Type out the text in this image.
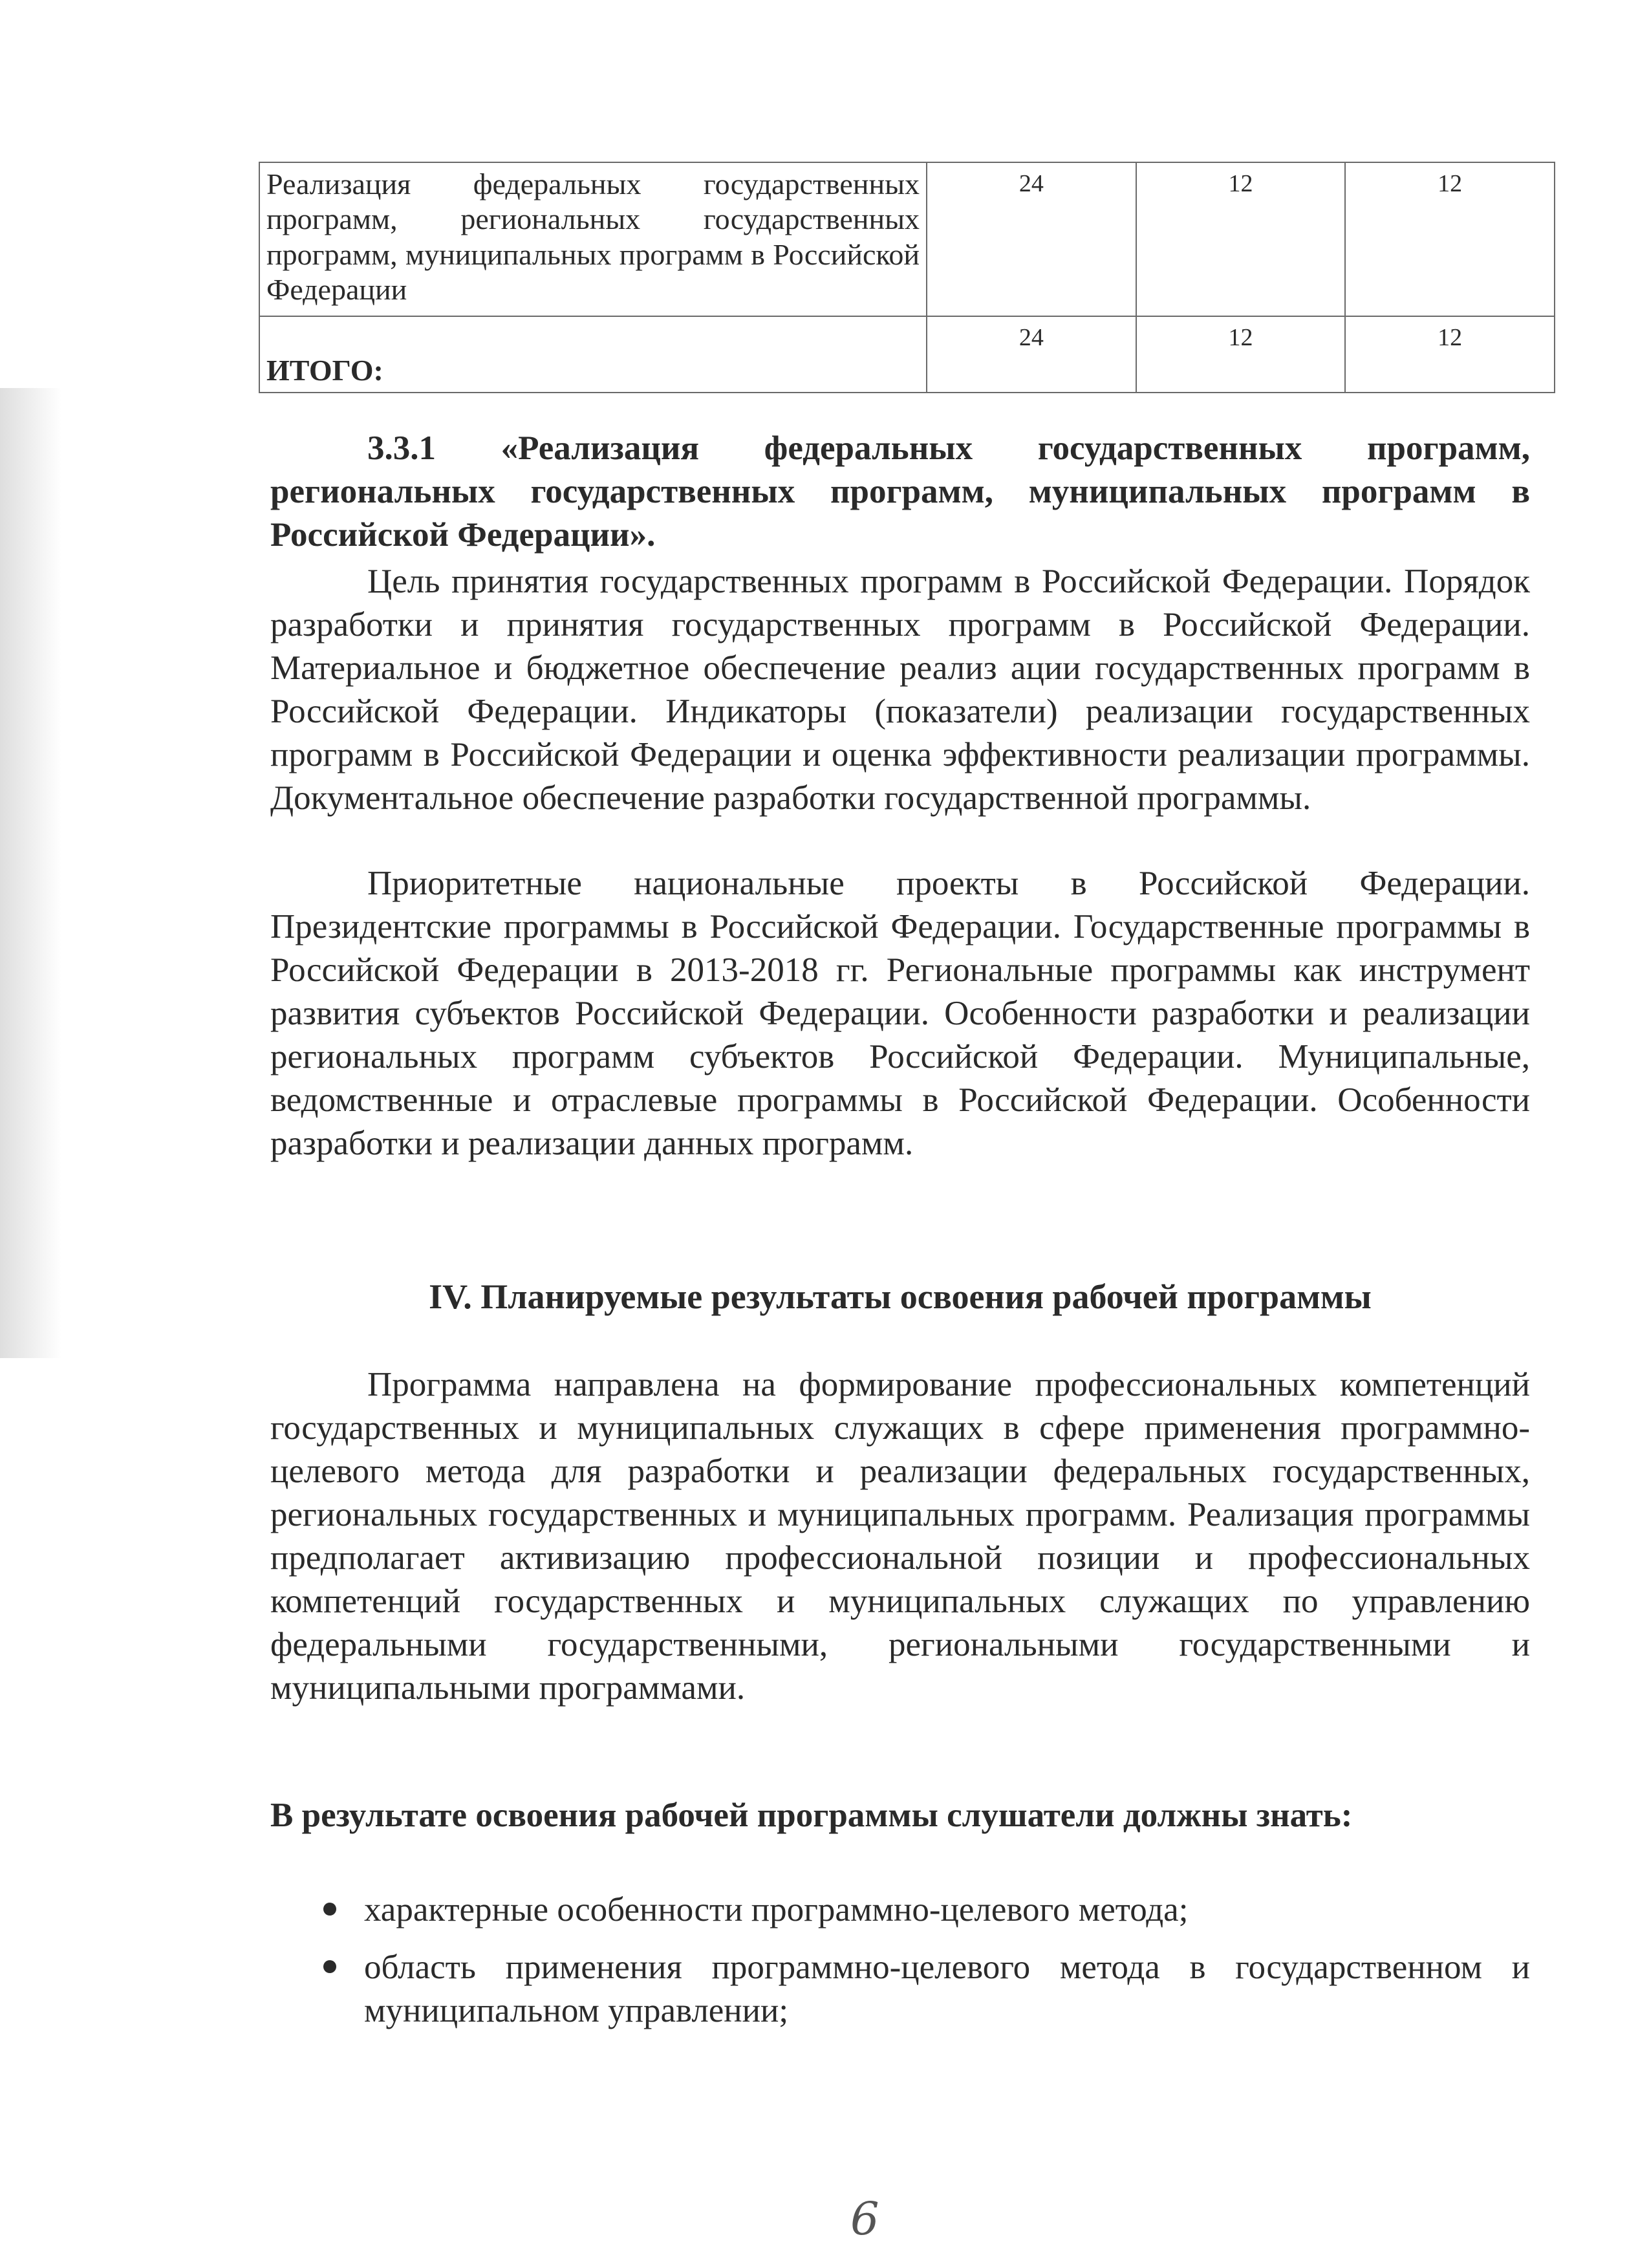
Реализация федеральных государственных программ, региональных государственных программ, муниципальных программ в Российской Федерации	24	12	12
ИТОГО:	24	12	12

3.3.1 «Реализация федеральных государственных программ, региональных государственных программ, муниципальных программ в Российской Федерации».

Цель принятия государственных программ в Российской Федерации. Порядок разработки и принятия государственных программ в Российской Федерации. Материальное и бюджетное обеспечение реализ ации государственных программ в Российской Федерации. Индикаторы (показатели) реализации государственных программ в Российской Федерации и оценка эффективности реализации программы. Документальное обеспечение разработки государственной программы.

Приоритетные национальные проекты в Российской Федерации. Президентские программы в Российской Федерации. Государственные программы в Российской Федерации в 2013-2018 гг. Региональные программы как инструмент развития субъектов Российской Федерации. Особенности разработки и реализации региональных программ субъектов Российской Федерации. Муниципальные, ведомственные и отраслевые программы в Российской Федерации. Особенности разработки и реализации данных программ.

IV. Планируемые результаты освоения рабочей программы

Программа направлена на формирование профессиональных компетенций государственных и муниципальных служащих в сфере применения программно-целевого метода для разработки и реализации федеральных государственных, региональных государственных и муниципальных программ. Реализация программы предполагает активизацию профессиональной позиции и профессиональных компетенций государственных и муниципальных служащих по управлению федеральными государственными, региональными государственными и муниципальными программами.

В результате освоения рабочей программы слушатели должны знать:

характерные особенности программно-целевого метода;
область применения программно-целевого метода в государственном и муниципальном управлении;
6
